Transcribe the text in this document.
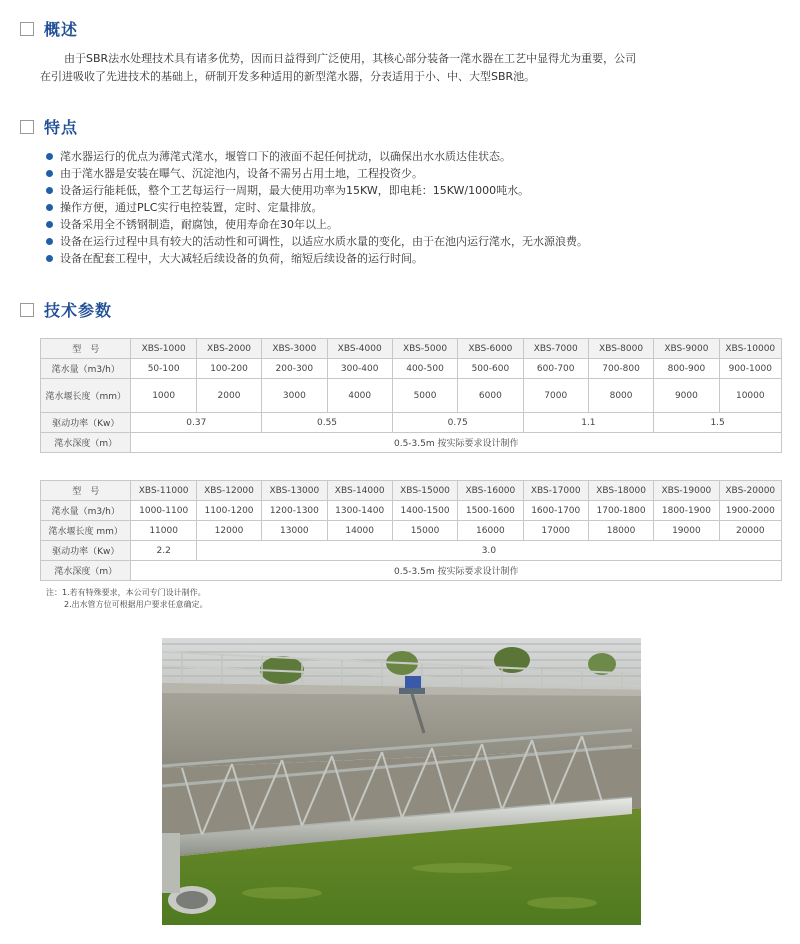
概述
由于SBR法水处理技术具有诸多优势，因而日益得到广泛使用，其核心部分装备一滗水器在工艺中显得尤为重要，公司
在引进吸收了先进技术的基础上，研制开发多种适用的新型滗水器，分表适用于小、中、大型SBR池。
特点
滗水器运行的优点为薄滗式滗水，堰管口下的液面不起任何扰动，以确保出水水质达佳状态。
由于滗水器是安装在曝气、沉淀池内，设备不需另占用土地，工程投资少。
设备运行能耗低，整个工艺每运行一周期，最大使用功率为15KW，即电耗：15KW/1000吨水。
操作方便，通过PLC实行电控装置，定时、定量排放。
设备采用全不锈钢制造，耐腐蚀，使用寿命在30年以上。
设备在运行过程中具有较大的活动性和可调性，以适应水质水量的变化，由于在池内运行滗水，无水源浪费。
设备在配套工程中，大大减轻后续设备的负荷，缩短后续设备的运行时间。
技术参数
型　号	XBS-1000	XBS-2000	XBS-3000	XBS-4000	XBS-5000	XBS-6000	XBS-7000	XBS-8000	XBS-9000	XBS-10000
滗水量（m3/h）	50-100	100-200	200-300	300-400	400-500	500-600	600-700	700-800	800-900	900-1000
滗水堰长度（mm）	1000	2000	3000	4000	5000	6000	7000	8000	9000	10000
驱动功率（Kw）	0.37		0.55		0.75		1.1		1.5	
滗水深度（m）	0.5-3.5m 按实际要求设计制作									
型　号	XBS-11000	XBS-12000	XBS-13000	XBS-14000	XBS-15000	XBS-16000	XBS-17000	XBS-18000	XBS-19000	XBS-20000
滗水量（m3/h）	1000-1100	1100-1200	1200-1300	1300-1400	1400-1500	1500-1600	1600-1700	1700-1800	1800-1900	1900-2000
滗水堰长度 mm）	11000	12000	13000	14000	15000	16000	17000	18000	19000	20000
驱动功率（Kw）	2.2	3.0								
滗水深度（m）	0.5-3.5m 按实际要求设计制作									
注：1.若有特殊要求，本公司专门设计制作。
2.出水管方位可根据用户要求任意确定。
